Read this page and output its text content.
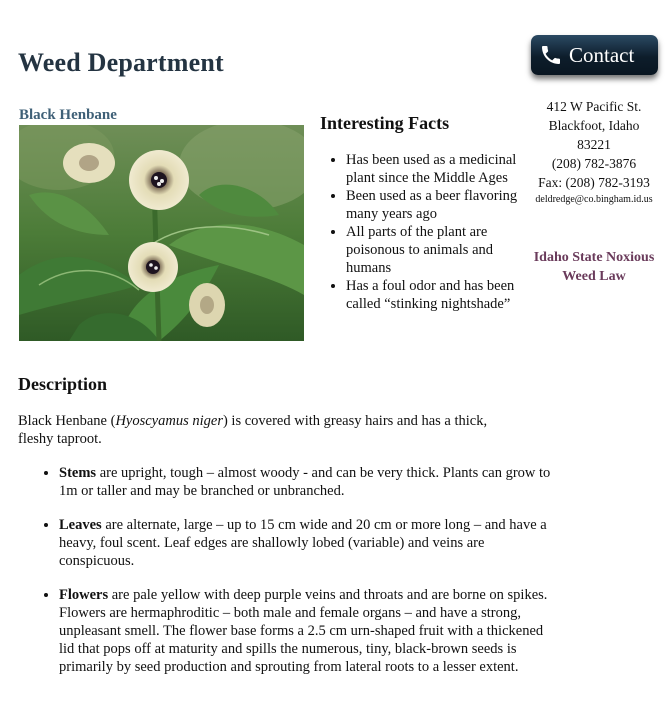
Weed Department
Black Henbane	Interesting Facts
• Has been used as a medicinal plant since the Middle Ages
• Been used as a beer flavoring many years ago
• All parts of the plant are poisonous to animals and humans
• Has a foul odor and has been called “stinking nightshade”
Contact
412 W Pacific St.
Blackfoot, Idaho
83221
(208) 782-3876
Fax: (208) 782-3193
deldredge@co.bingham.id.us
Idaho State Noxious Weed Law
Description

Black Henbane (Hyoscyamus niger) is covered with greasy hairs and has a thick, fleshy taproot.

• Stems are upright, tough – almost woody - and can be very thick. Plants can grow to 1m or taller and may be branched or unbranched.
• Leaves are alternate, large – up to 15 cm wide and 20 cm or more long – and have a heavy, foul scent. Leaf edges are shallowly lobed (variable) and veins are conspicuous.
• Flowers are pale yellow with deep purple veins and throats and are borne on spikes. Flowers are hermaphroditic – both male and female organs – and have a strong, unpleasant smell. The flower base forms a 2.5 cm urn-shaped fruit with a thickened lid that pops off at maturity and spills the numerous, tiny, black-brown seeds is primarily by seed production and sprouting from lateral roots to a lesser extent.
